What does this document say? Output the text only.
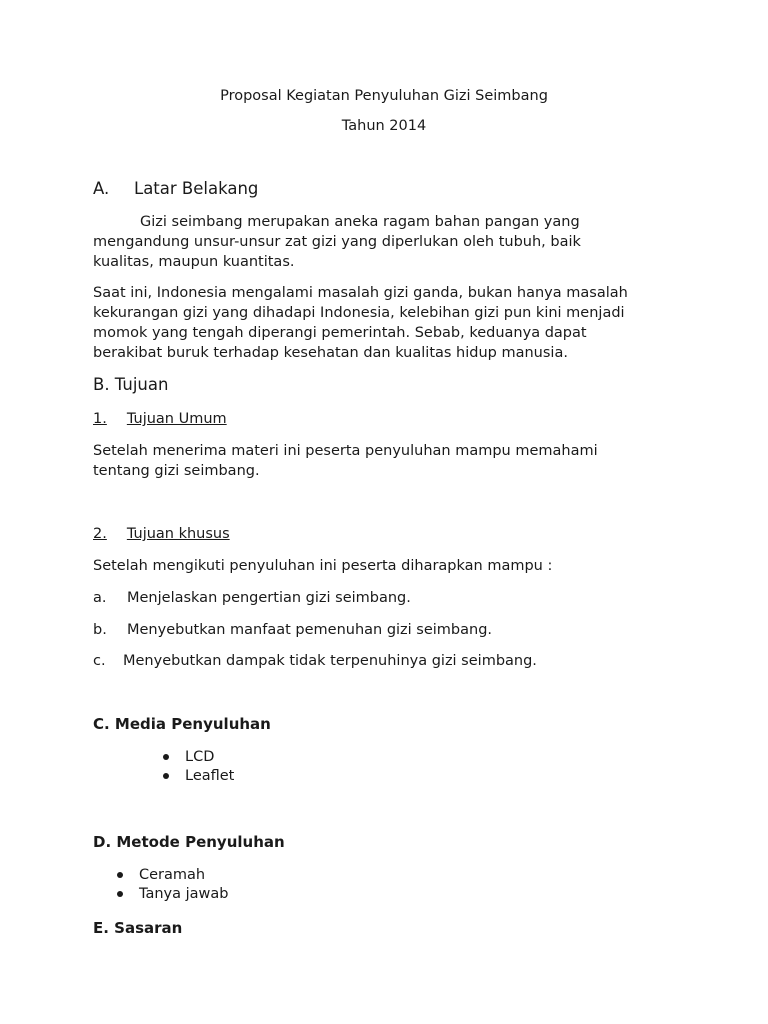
Proposal Kegiatan Penyuluhan Gizi Seimbang
Tahun 2014
A. Latar Belakang
Gizi seimbang merupakan aneka ragam bahan pangan yang
mengandung unsur-unsur zat gizi yang diperlukan oleh tubuh, baik
kualitas, maupun kuantitas.
Saat ini, Indonesia mengalami masalah gizi ganda, bukan hanya masalah
kekurangan gizi yang dihadapi Indonesia, kelebihan gizi pun kini menjadi
momok yang tengah diperangi pemerintah. Sebab, keduanya dapat
berakibat buruk terhadap kesehatan dan kualitas hidup manusia.
B. Tujuan
1. Tujuan Umum
Setelah menerima materi ini peserta penyuluhan mampu memahami
tentang gizi seimbang.
2. Tujuan khusus
Setelah mengikuti penyuluhan ini peserta diharapkan mampu :
a. Menjelaskan pengertian gizi seimbang.
b. Menyebutkan manfaat pemenuhan gizi seimbang.
c. Menyebutkan dampak tidak terpenuhinya gizi seimbang.
C. Media Penyuluhan
LCD
Leaflet
D. Metode Penyuluhan
Ceramah
Tanya jawab
E. Sasaran
